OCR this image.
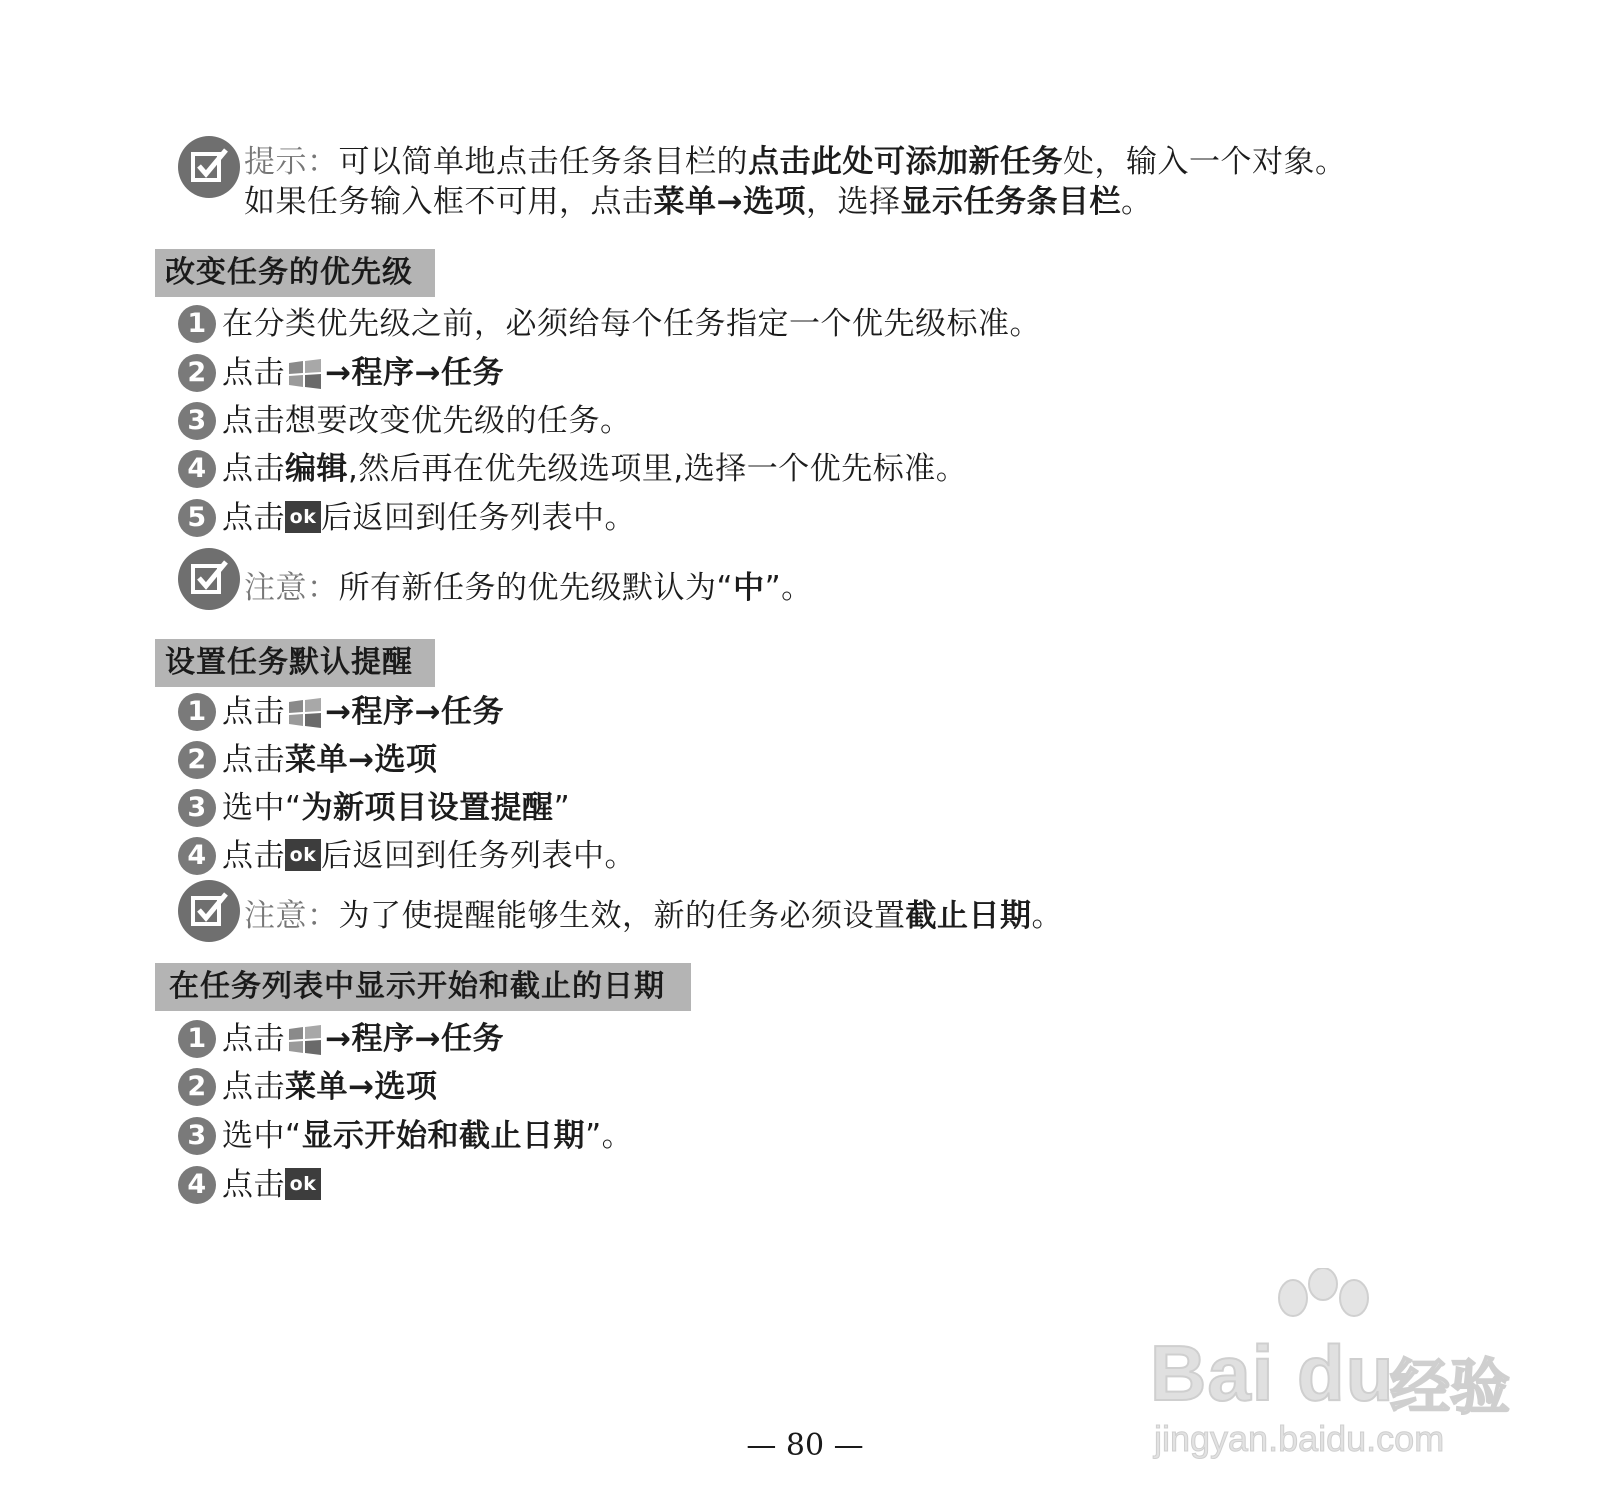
提示：可以简单地点击任务条目栏的点击此处可添加新任务处，输入一个对象。
如果任务输入框不可用，点击菜单→选项，选择显示任务条目栏。
改变任务的优先级
1 在分类优先级之前，必须给每个任务指定一个优先级标准。
2 点击 →程序→任务
3 点击想要改变优先级的任务。
4 点击编辑,然后再在优先级选项里,选择一个优先标准。
5 点击 ok 后返回到任务列表中。
注意：所有新任务的优先级默认为“中”。
设置任务默认提醒
1 点击 →程序→任务
2 点击菜单→选项
3 选中“为新项目设置提醒”
4 点击 ok 后返回到任务列表中。
注意：为了使提醒能够生效，新的任务必须设置截止日期。
在任务列表中显示开始和截止的日期
1 点击 →程序→任务
2 点击菜单→选项
3 选中“显示开始和截止日期”。
4 点击 ok
Bai du
经验
jingyan.baidu.com
— 80 —
